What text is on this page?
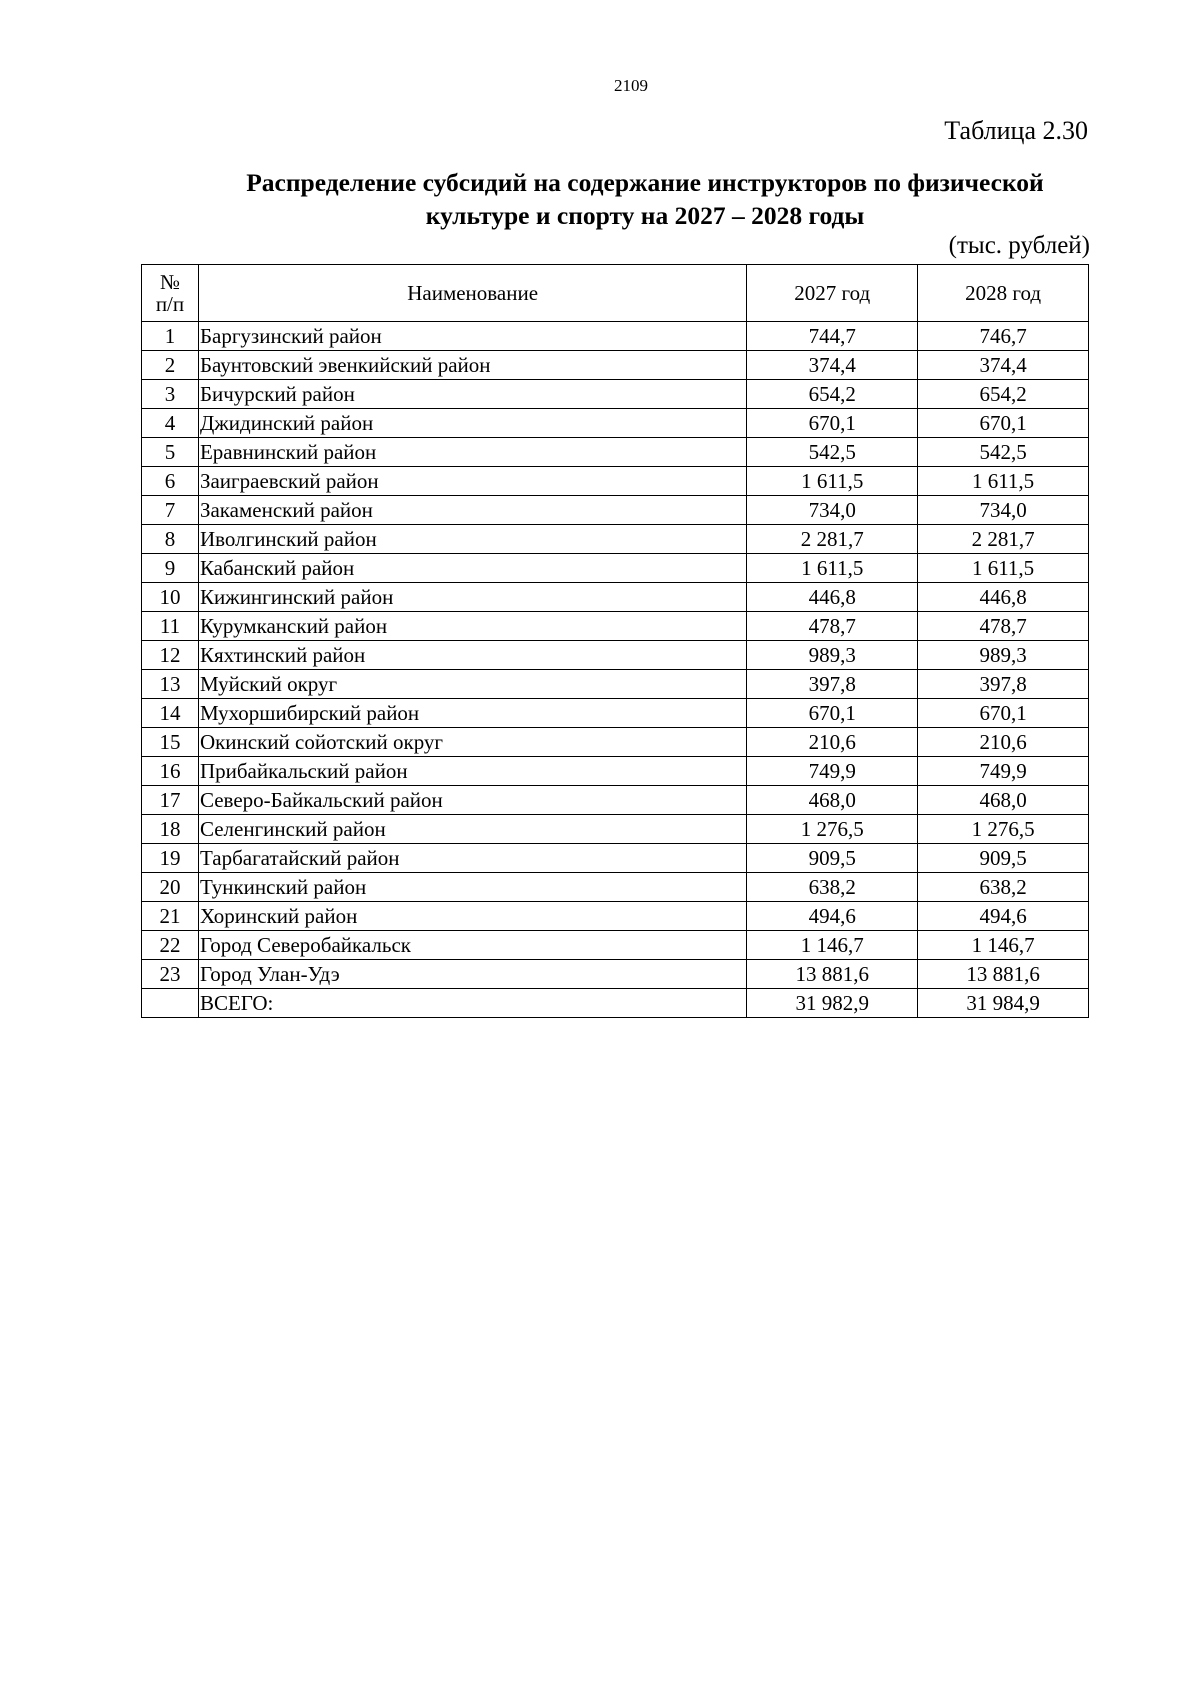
2109
Таблица 2.30
Распределение субсидий на содержание инструкторов по физической
культуре и спорту на 2027 – 2028 годы
(тыс. рублей)
№
п/п	Наименование	2027 год	2028 год
1	Баргузинский район	744,7	746,7
2	Баунтовский эвенкийский район	374,4	374,4
3	Бичурский район	654,2	654,2
4	Джидинский район	670,1	670,1
5	Еравнинский район	542,5	542,5
6	Заиграевский район	1 611,5	1 611,5
7	Закаменский район	734,0	734,0
8	Иволгинский район	2 281,7	2 281,7
9	Кабанский район	1 611,5	1 611,5
10	Кижингинский район	446,8	446,8
11	Курумканский район	478,7	478,7
12	Кяхтинский район	989,3	989,3
13	Муйский округ	397,8	397,8
14	Мухоршибирский район	670,1	670,1
15	Окинский сойотский округ	210,6	210,6
16	Прибайкальский район	749,9	749,9
17	Северо-Байкальский район	468,0	468,0
18	Селенгинский район	1 276,5	1 276,5
19	Тарбагатайский район	909,5	909,5
20	Тункинский район	638,2	638,2
21	Хоринский район	494,6	494,6
22	Город Северобайкальск	1 146,7	1 146,7
23	Город Улан-Удэ	13 881,6	13 881,6
	ВСЕГО:	31 982,9	31 984,9
